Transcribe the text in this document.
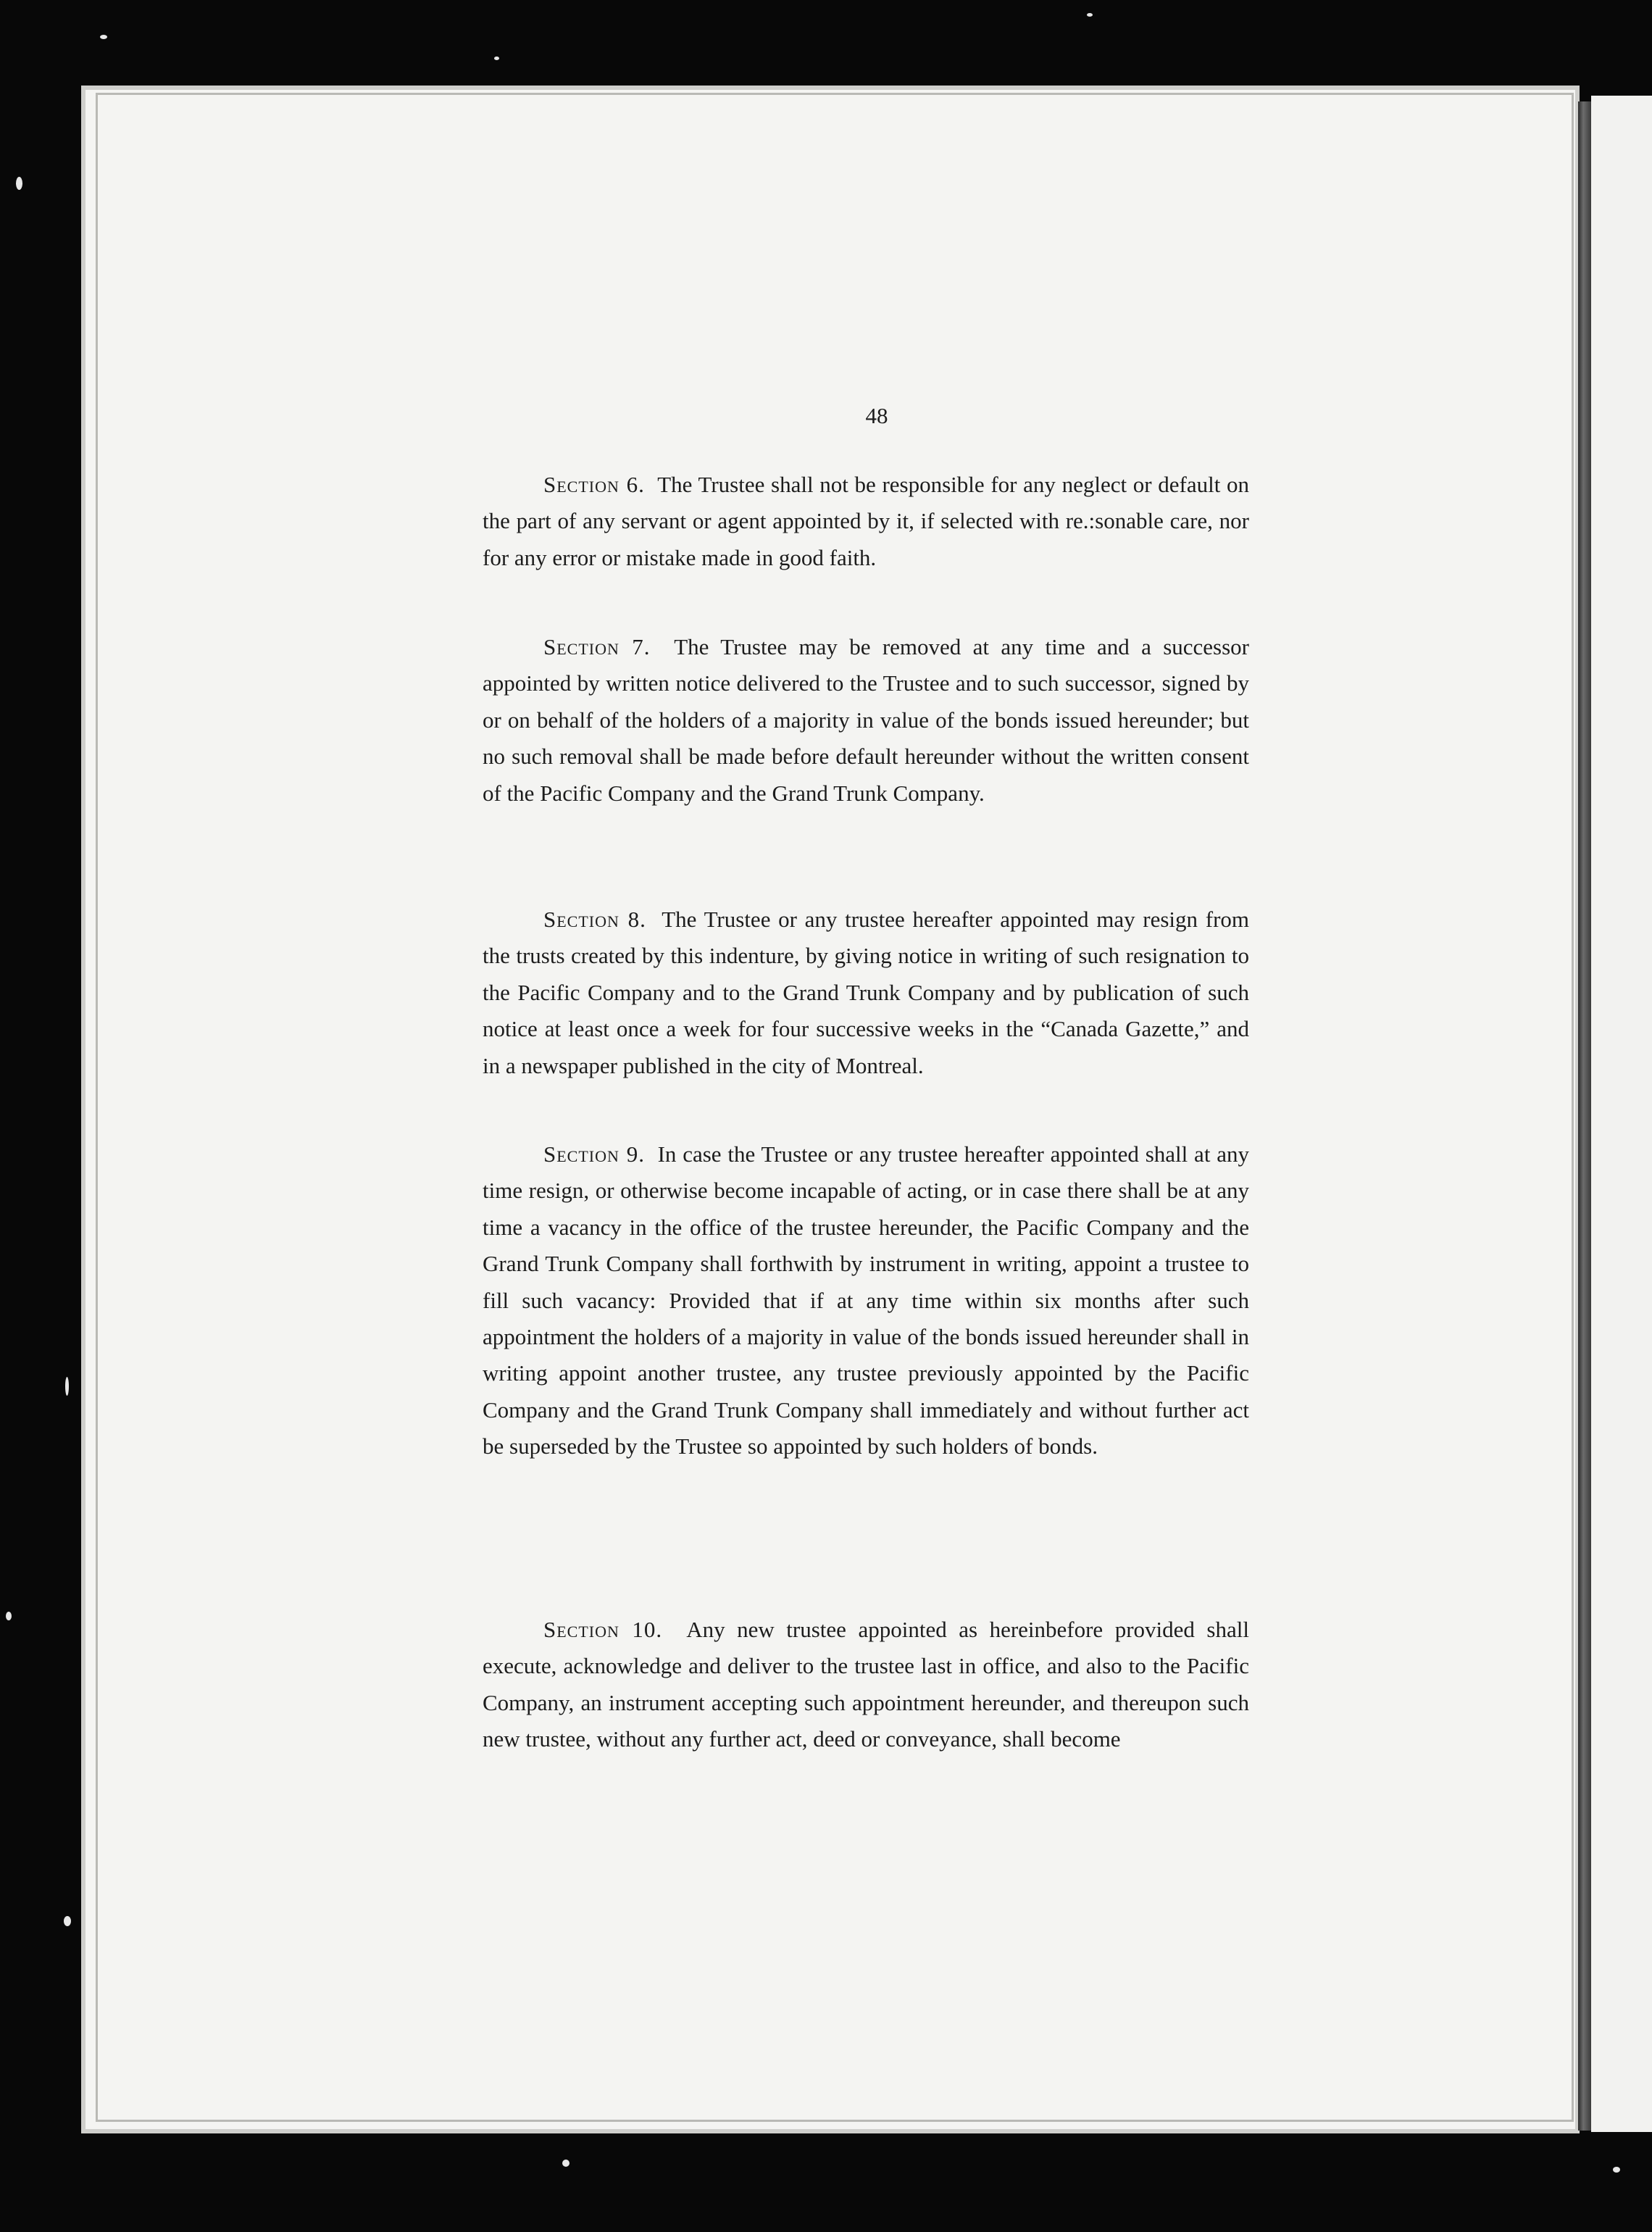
48

Section 6. The Trustee shall not be responsible for any neglect or default on the part of any servant or agent appointed by it, if selected with re.:sonable care, nor for any error or mistake made in good faith.

Section 7. The Trustee may be removed at any time and a successor appointed by written notice delivered to the Trustee and to such successor, signed by or on behalf of the holders of a majority in value of the bonds issued hereunder; but no such removal shall be made before default hereunder without the written consent of the Pacific Company and the Grand Trunk Company.

Section 8. The Trustee or any trustee hereafter appointed may resign from the trusts created by this indenture, by giving notice in writing of such resignation to the Pacific Company and to the Grand Trunk Company and by publication of such notice at least once a week for four successive weeks in the “Canada Gazette,” and in a newspaper published in the city of Montreal.

Section 9. In case the Trustee or any trustee hereafter appointed shall at any time resign, or otherwise become incapable of acting, or in case there shall be at any time a vacancy in the office of the trustee hereunder, the Pacific Company and the Grand Trunk Company shall forthwith by instrument in writing, appoint a trustee to fill such vacancy: Provided that if at any time within six months after such appointment the holders of a majority in value of the bonds issued hereunder shall in writing appoint another trustee, any trustee previously appointed by the Pacific Company and the Grand Trunk Company shall immediately and without further act be superseded by the Trustee so appointed by such holders of bonds.

Section 10. Any new trustee appointed as hereinbefore provided shall execute, acknowledge and deliver to the trustee last in office, and also to the Pacific Company, an instrument accepting such appointment hereunder, and thereupon such new trustee, without any further act, deed or conveyance, shall become
